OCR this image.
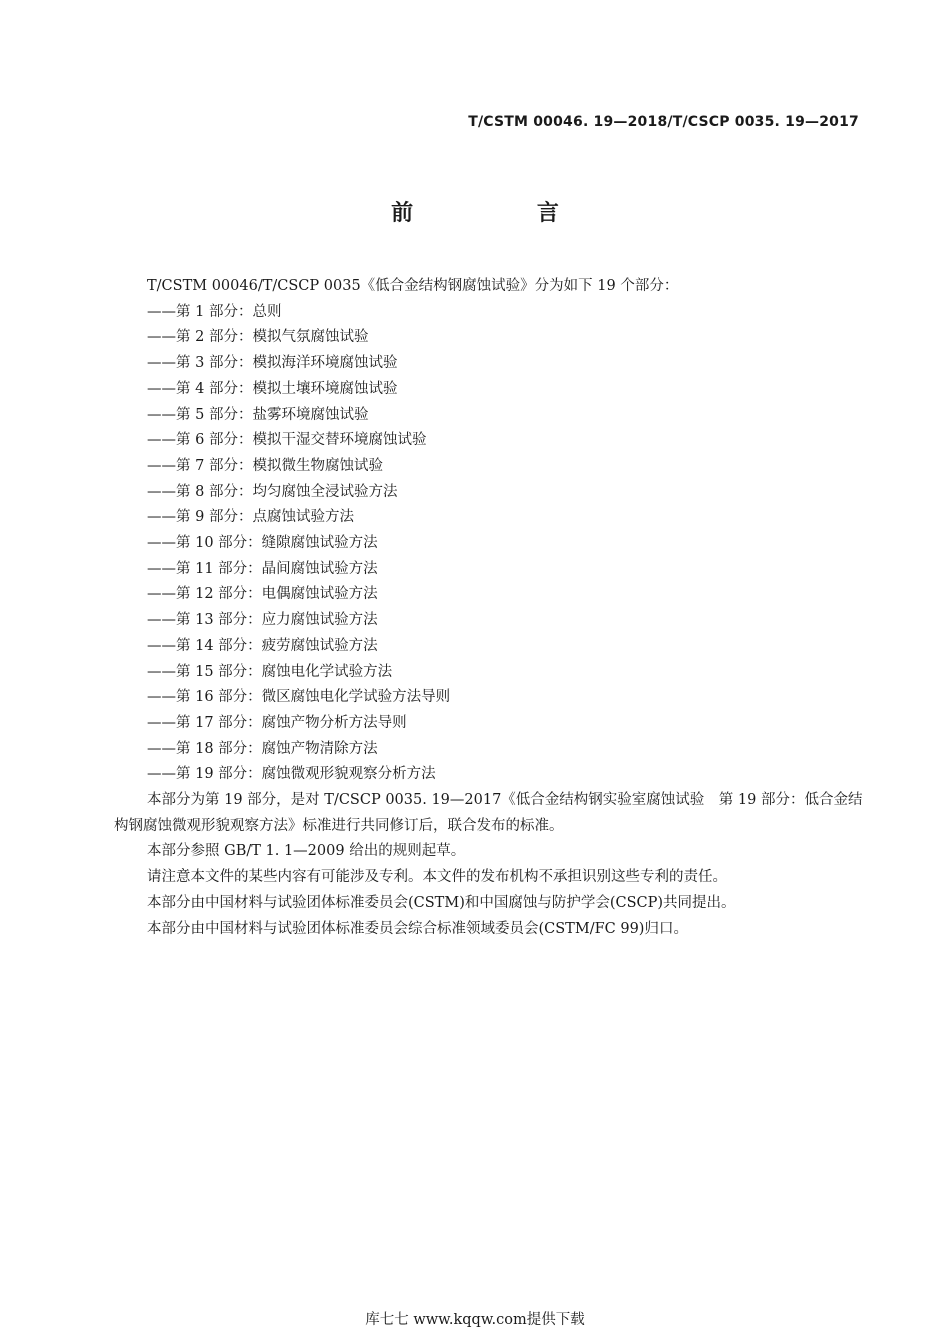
T/CSTM 00046. 19—2018/T/CSCP 0035. 19—2017
前 言

T/CSTM 00046/T/CSCP 0035《低合金结构钢腐蚀试验》分为如下 19 个部分：

——第 1 部分：总则

——第 2 部分：模拟气氛腐蚀试验

——第 3 部分：模拟海洋环境腐蚀试验

——第 4 部分：模拟土壤环境腐蚀试验

——第 5 部分：盐雾环境腐蚀试验

——第 6 部分：模拟干湿交替环境腐蚀试验

——第 7 部分：模拟微生物腐蚀试验

——第 8 部分：均匀腐蚀全浸试验方法

——第 9 部分：点腐蚀试验方法

——第 10 部分：缝隙腐蚀试验方法

——第 11 部分：晶间腐蚀试验方法

——第 12 部分：电偶腐蚀试验方法

——第 13 部分：应力腐蚀试验方法

——第 14 部分：疲劳腐蚀试验方法

——第 15 部分：腐蚀电化学试验方法

——第 16 部分：微区腐蚀电化学试验方法导则

——第 17 部分：腐蚀产物分析方法导则

——第 18 部分：腐蚀产物清除方法

——第 19 部分：腐蚀微观形貌观察分析方法

本部分为第 19 部分，是对 T/CSCP 0035. 19—2017《低合金结构钢实验室腐蚀试验　第 19 部分：低合金结构钢腐蚀微观形貌观察方法》标准进行共同修订后，联合发布的标准。

本部分参照 GB/T 1. 1—2009 给出的规则起草。

请注意本文件的某些内容有可能涉及专利。本文件的发布机构不承担识别这些专利的责任。

本部分由中国材料与试验团体标准委员会(CSTM)和中国腐蚀与防护学会(CSCP)共同提出。

本部分由中国材料与试验团体标准委员会综合标准领域委员会(CSTM/FC 99)归口。

库七七 www.kqqw.com提供下载
